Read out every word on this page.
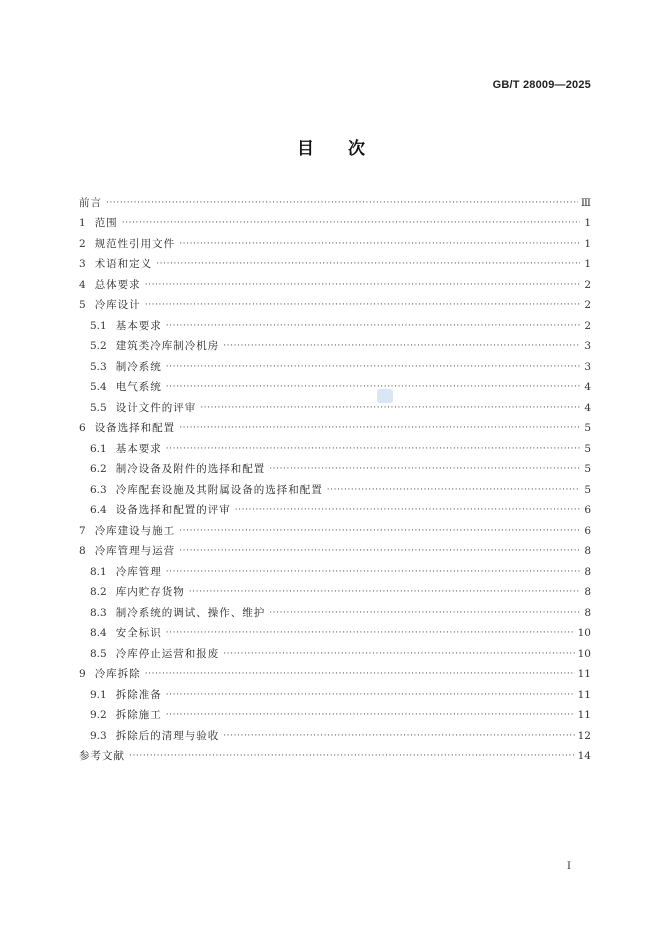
GB/T 28009—2025
目 次
前言 ·····	Ⅲ
1 范围 ·····	1
2 规范性引用文件 ·····	1
3 术语和定义 ·····	1
4 总体要求 ·····	2
5 冷库设计 ·····	2
5.1 基本要求 ·····	2
5.2 建筑类冷库制冷机房 ·····	3
5.3 制冷系统 ·····	3
5.4 电气系统 ·····	4
5.5 设计文件的评审 ·····	4
6 设备选择和配置 ·····	5
6.1 基本要求 ·····	5
6.2 制冷设备及附件的选择和配置 ·····	5
6.3 冷库配套设施及其附属设备的选择和配置 ·····	5
6.4 设备选择和配置的评审 ·····	6
7 冷库建设与施工 ·····	6
8 冷库管理与运营 ·····	8
8.1 冷库管理 ·····	8
8.2 库内贮存货物 ·····	8
8.3 制冷系统的调试、操作、维护 ·····	8
8.4 安全标识 ·····	10
8.5 冷库停止运营和报废 ·····	10
9 冷库拆除 ·····	11
9.1 拆除准备 ·····	11
9.2 拆除施工 ·····	11
9.3 拆除后的清理与验收 ·····	12
参考文献 ·····	14
Ⅰ
